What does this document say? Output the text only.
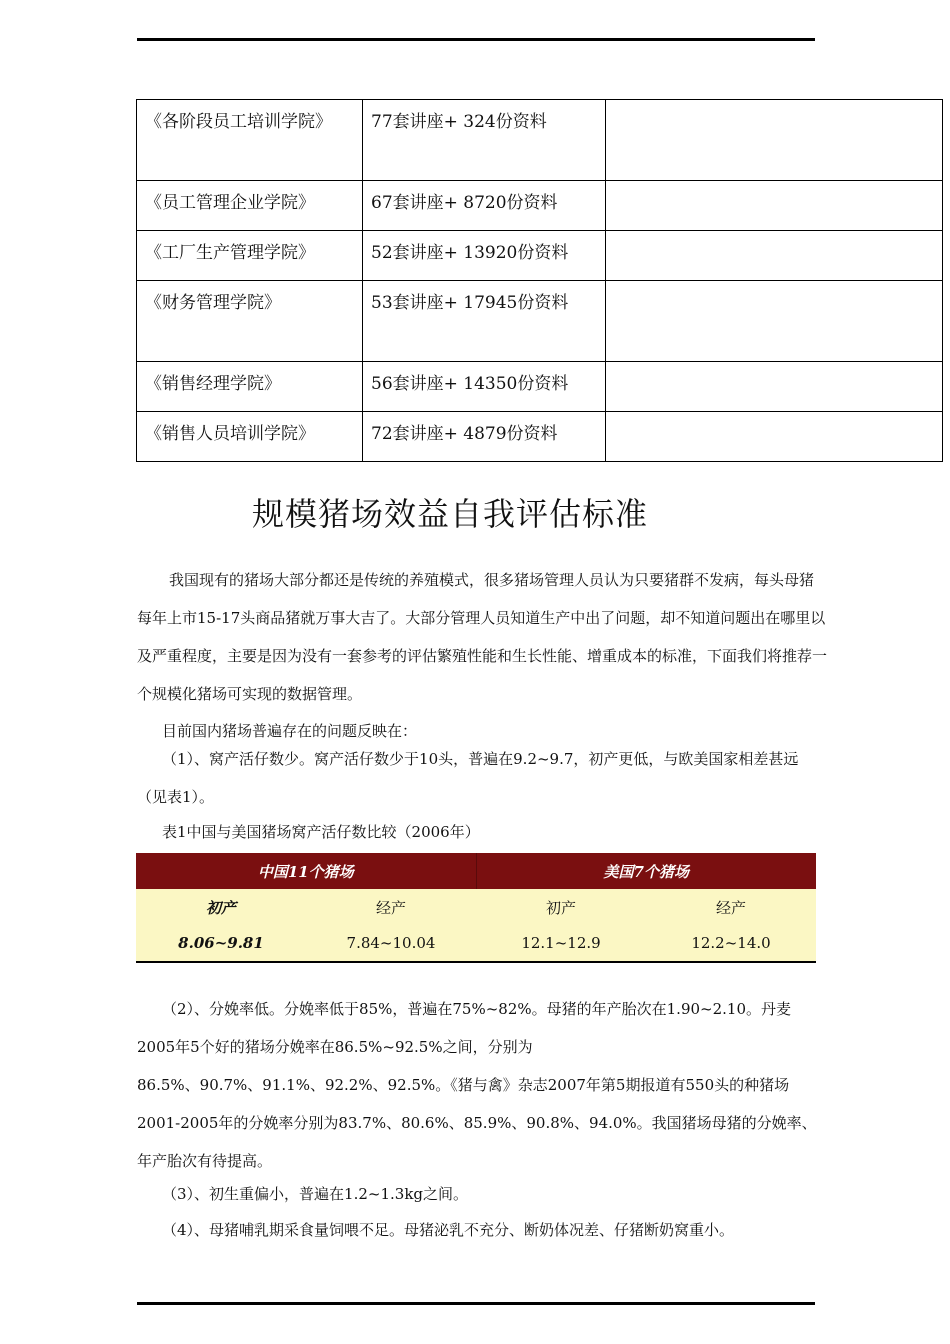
《各阶段员工培训学院》	77套讲座+ 324份资料	
《员工管理企业学院》	67套讲座+ 8720份资料	
《工厂生产管理学院》	52套讲座+ 13920份资料	
《财务管理学院》	53套讲座+ 17945份资料	
《销售经理学院》	56套讲座+ 14350份资料	
《销售人员培训学院》	72套讲座+ 4879份资料	
规模猪场效益自我评估标准

我国现有的猪场大部分都还是传统的养殖模式，很多猪场管理人员认为只要猪群不发病，每头母猪每年上市15-17头商品猪就万事大吉了。大部分管理人员知道生产中出了问题，却不知道问题出在哪里以及严重程度，主要是因为没有一套参考的评估繁殖性能和生长性能、增重成本的标准，下面我们将推荐一个规模化猪场可实现的数据管理。

目前国内猪场普遍存在的问题反映在：

（1）、窝产活仔数少。窝产活仔数少于10头，普遍在9.2~9.7，初产更低，与欧美国家相差甚远（见表1）。

表1中国与美国猪场窝产活仔数比较（2006年）

中国11个猪场		美国7个猪场	
初产	经产	初产	经产
8.06~9.81	7.84~10.04	12.1~12.9	12.2~14.0

（2）、分娩率低。分娩率低于85%，普遍在75%~82%。母猪的年产胎次在1.90~2.10。丹麦2005年5个好的猪场分娩率在86.5%~92.5%之间，分别为

86.5%、90.7%、91.1%、92.2%、92.5%。《猪与禽》杂志2007年第5期报道有550头的种猪场2001-2005年的分娩率分别为83.7%、80.6%、85.9%、90.8%、94.0%。我国猪场母猪的分娩率、年产胎次有待提高。

（3）、初生重偏小，普遍在1.2~1.3kg之间。

（4）、母猪哺乳期采食量饲喂不足。母猪泌乳不充分、断奶体况差、仔猪断奶窝重小。
